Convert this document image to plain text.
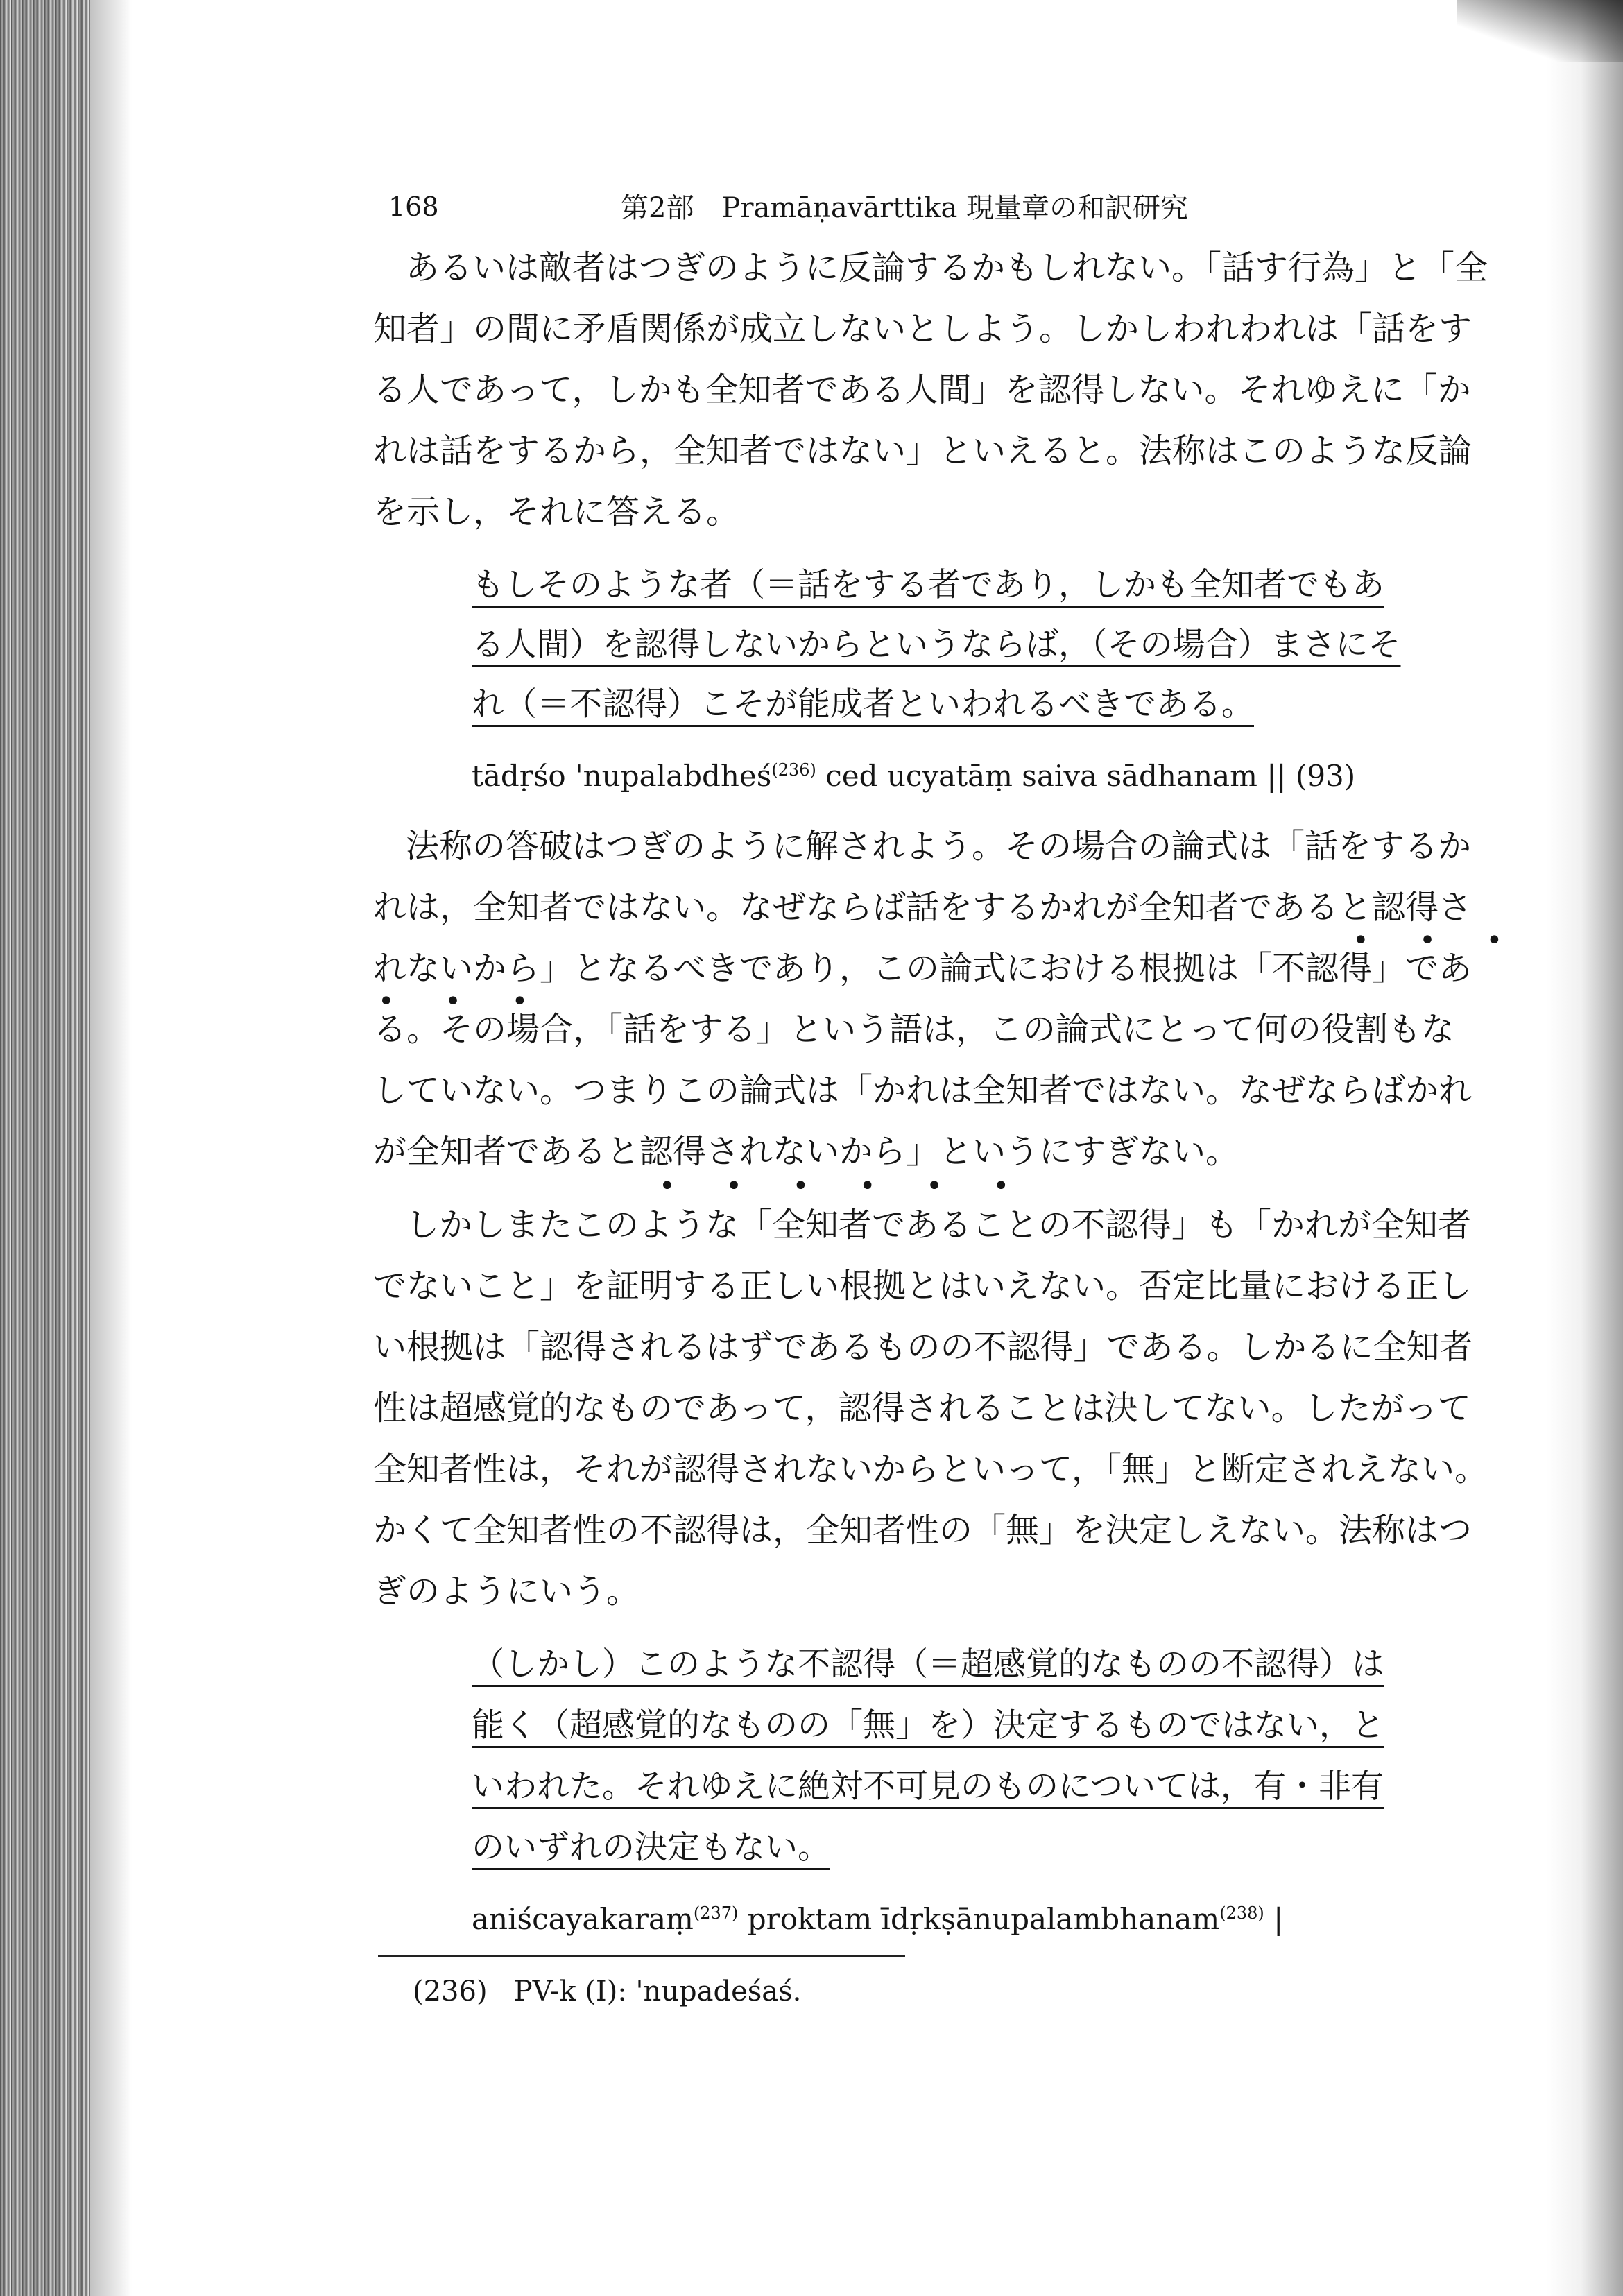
168	第2部　Pramāṇavārttika 現量章の和訳研究
あるいは敵者はつぎのように反論するかもしれない。「話す行為」と「全
知者」の間に矛盾関係が成立しないとしよう。しかしわれわれは「話をす
る人であって，しかも全知者である人間」を認得しない。それゆえに「か
れは話をするから，全知者ではない」といえると。法称はこのような反論
を示し，それに答える。
もしそのような者（＝話をする者であり，しかも全知者でもあ
る人間）を認得しないからというならば，（その場合）まさにそ
れ（＝不認得）こそが能成者といわれるべきである。
tādṛśo 'nupalabdheś$^{(236)}$ ced ucyatāṃ saiva sādhanam || (93)
法称の答破はつぎのように解されよう。その場合の論式は「話をするか
れは，全知者ではない。なぜならば話をするかれが全知者であると認得さ
• • •
れないから」となるべきであり，この論式における根拠は「不認得」であ
• • •
る。その場合，「話をする」という語は，この論式にとって何の役割もな
していない。つまりこの論式は「かれは全知者ではない。なぜならばかれ
が全知者であると認得されないから」というにすぎない。
• • • • • •
しかしまたこのような「全知者であることの不認得」も「かれが全知者
でないこと」を証明する正しい根拠とはいえない。否定比量における正し
い根拠は「認得されるはずであるものの不認得」である。しかるに全知者
性は超感覚的なものであって，認得されることは決してない。したがって
全知者性は，それが認得されないからといって，「無」と断定されえない。
かくて全知者性の不認得は，全知者性の「無」を決定しえない。法称はつ
ぎのようにいう。
（しかし）このような不認得（＝超感覚的なものの不認得）は
能く（超感覚的なものの「無」を）決定するものではない，と
いわれた。それゆえに絶対不可見のものについては，有・非有
のいずれの決定もない。
aniścayakaraṃ$^{(237)}$ proktam īdṛkṣānupalambhanam$^{(238)}$ |
(236) PV-k (I): 'nupadeśaś.
